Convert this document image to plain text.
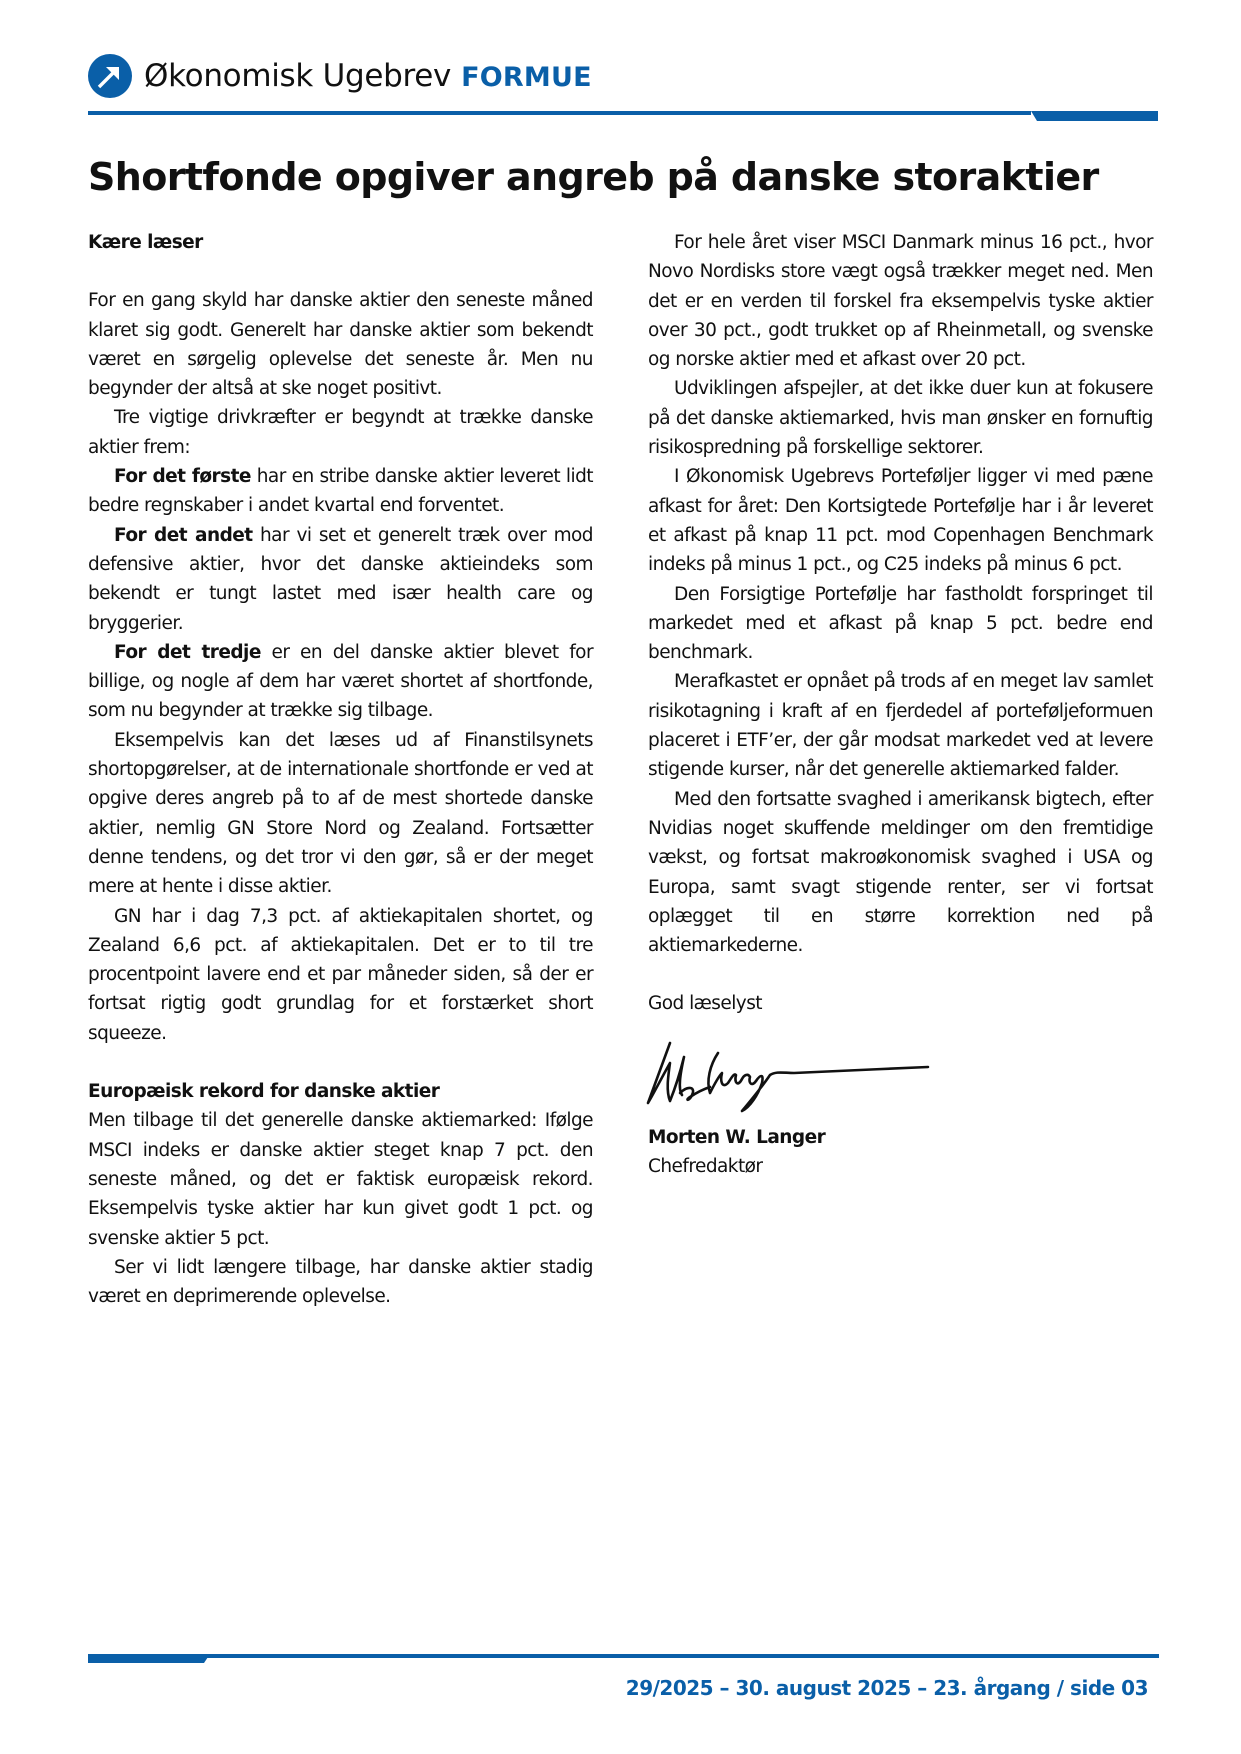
Økonomisk Ugebrev FORMUE
Shortfonde opgiver angreb på danske storaktier

Kære læser

For en gang skyld har danske aktier den seneste måned klaret sig godt. Generelt har danske aktier som bekendt været en sørgelig oplevelse det seneste år. Men nu begynder der altså at ske noget positivt.

Tre vigtige drivkræfter er begyndt at trække danske aktier frem:

For det første har en stribe danske aktier leveret lidt bedre regnskaber i andet kvartal end forventet.

For det andet har vi set et generelt træk over mod defensive aktier, hvor det danske aktieindeks som bekendt er tungt lastet med især health care og bryggerier.

For det tredje er en del danske aktier blevet for billige, og nogle af dem har været shortet af shortfonde, som nu begynder at trække sig tilbage.

Eksempelvis kan det læses ud af Finanstilsynets shortopgørelser, at de internationale shortfonde er ved at opgive deres angreb på to af de mest shortede danske aktier, nemlig GN Store Nord og Zealand. Fortsætter denne tendens, og det tror vi den gør, så er der meget mere at hente i disse aktier.

GN har i dag 7,3 pct. af aktiekapitalen shortet, og Zealand 6,6 pct. af aktiekapitalen. Det er to til tre procentpoint lavere end et par måneder siden, så der er fortsat rigtig godt grundlag for et forstærket short squeeze.

Europæisk rekord for danske aktier

Men tilbage til det generelle danske aktiemarked: Ifølge MSCI indeks er danske aktier steget knap 7 pct. den seneste måned, og det er faktisk europæisk rekord. Eksempelvis tyske aktier har kun givet godt 1 pct. og svenske aktier 5 pct.

Ser vi lidt længere tilbage, har danske aktier stadig været en deprimerende oplevelse.

For hele året viser MSCI Danmark minus 16 pct., hvor Novo Nordisks store vægt også trækker meget ned. Men det er en verden til forskel fra eksempelvis tyske aktier over 30 pct., godt trukket op af Rheinmetall, og svenske og norske aktier med et afkast over 20 pct.

Udviklingen afspejler, at det ikke duer kun at fokusere på det danske aktiemarked, hvis man ønsker en fornuftig risikospredning på forskellige sektorer.

I Økonomisk Ugebrevs Porteføljer ligger vi med pæne afkast for året: Den Kortsigtede Portefølje har i år leveret et afkast på knap 11 pct. mod Copenhagen Benchmark indeks på minus 1 pct., og C25 indeks på minus 6 pct.

Den Forsigtige Portefølje har fastholdt forspringet til markedet med et afkast på knap 5 pct. bedre end benchmark.

Merafkastet er opnået på trods af en meget lav samlet risikotagning i kraft af en fjerdedel af porteføljeformuen placeret i ETF’er, der går modsat markedet ved at levere stigende kurser, når det generelle aktiemarked falder.

Med den fortsatte svaghed i amerikansk bigtech, efter Nvidias noget skuffende meldinger om den fremtidige vækst, og fortsat makroøkonomisk svaghed i USA og Europa, samt svagt stigende renter, ser vi fortsat oplægget til en større korrektion ned på aktiemarkederne.

God læselyst

Morten W. Langer

Chefredaktør

29/2025 – 30. august 2025 – 23. årgang / side 03
